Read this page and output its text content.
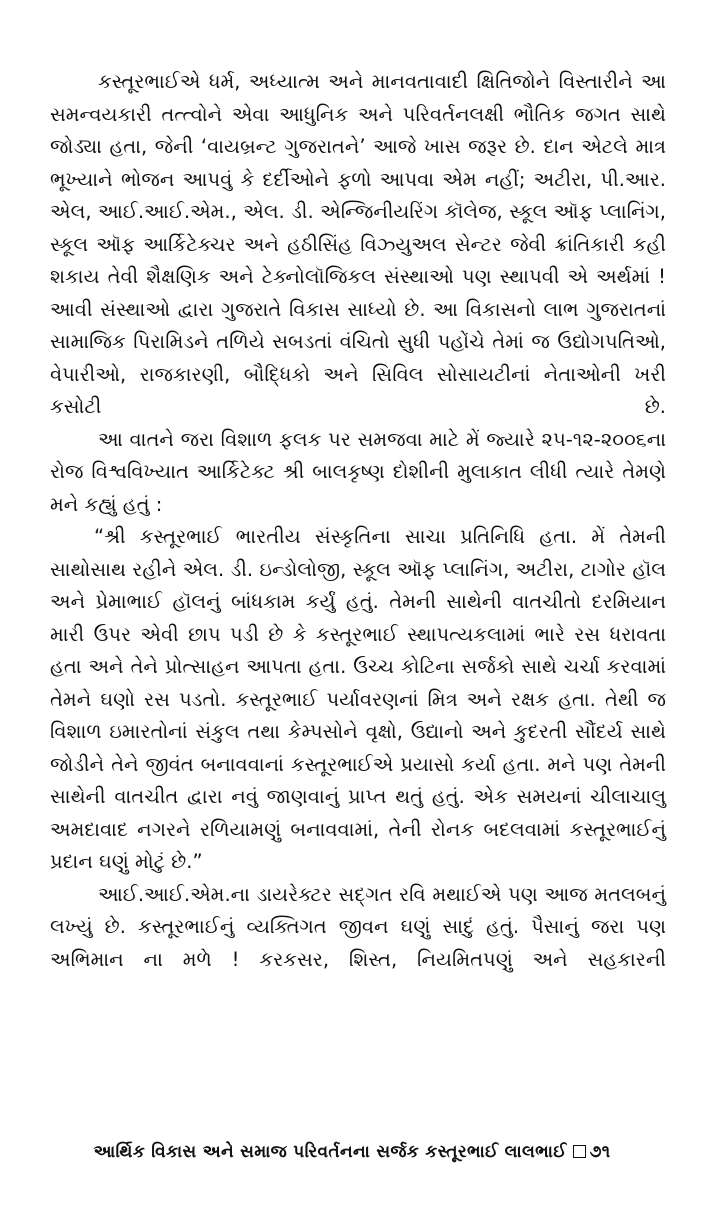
કસ્તૂરભાઈએ ધર્મ, અધ્યાત્મ અને માનવતાવાદી ક્ષિતિજોને વિસ્તારીને આ સમન્વયકારી તત્ત્વોને એવા આધુનિક અને પરિવર્તનલક્ષી ભૌતિક જગત સાથે જોડ્યા હતા, જેની ‘વાયબ્રન્ટ ગુજરાતને’ આજે ખાસ જરૂર છે. દાન એટલે માત્ર ભૂખ્યાને ભોજન આપવું કે દર્દીઓને ફળો આપવા એમ નહીં; અટીરા, પી.આર. એલ, આઈ.આઈ.એમ., એલ. ડી. એન્જિનીયરિંગ કૉલેજ, સ્કૂલ ઑફ પ્લાનિંગ, સ્કૂલ ઑફ આર્કિટેક્ચર અને હઠીસિંહ વિઝ્યુઅલ સેન્ટર જેવી ક્રાંતિકારી કહી શકાય તેવી શૈક્ષણિક અને ટેક્નોલૉજિકલ સંસ્થાઓ પણ સ્થાપવી એ અર્થમાં ! આવી સંસ્થાઓ દ્વારા ગુજરાતે વિકાસ સાધ્યો છે. આ વિકાસનો લાભ ગુજરાતનાં સામાજિક પિરામિડને તળિયે સબડતાં વંચિતો સુધી પહોંચે તેમાં જ ઉદ્યોગપતિઓ, વેપારીઓ, રાજકારણી, બૌદ્ધિકો અને સિવિલ સોસાયટીનાં નેતાઓની ખરી કસોટી છે.

આ વાતને જરા વિશાળ ફલક પર સમજવા માટે મેં જ્યારે ૨૫-૧૨-૨૦૦૬ના રોજ વિશ્વવિખ્યાત આર્કિટેક્ટ શ્રી બાલકૃષ્ણ દોશીની મુલાકાત લીધી ત્યારે તેમણે મને કહ્યું હતું :

“શ્રી કસ્તૂરભાઈ ભારતીય સંસ્કૃતિના સાચા પ્રતિનિધિ હતા. મેં તેમની સાથોસાથ રહીને એલ. ડી. ઇન્ડોલોજી, સ્કૂલ ઑફ પ્લાનિંગ, અટીરા, ટાગોર હૉલ અને પ્રેમાભાઈ હૉલનું બાંધકામ કર્યું હતું. તેમની સાથેની વાતચીતો દરમિયાન મારી ઉપર એવી છાપ પડી છે કે કસ્તૂરભાઈ સ્થાપત્યકલામાં ભારે રસ ધરાવતા હતા અને તેને પ્રોત્સાહન આપતા હતા. ઉચ્ચ કોટિના સર્જકો સાથે ચર્ચા કરવામાં તેમને ઘણો રસ પડતો. કસ્તૂરભાઈ પર્યાવરણનાં મિત્ર અને રક્ષક હતા. તેથી જ વિશાળ ઇમારતોનાં સંકુલ તથા કેમ્પસોને વૃક્ષો, ઉદ્યાનો અને કુદરતી સૌંદર્ય સાથે જોડીને તેને જીવંત બનાવવાનાં કસ્તૂરભાઈએ પ્રયાસો કર્યા હતા. મને પણ તેમની સાથેની વાતચીત દ્વારા નવું જાણવાનું પ્રાપ્ત થતું હતું. એક સમયનાં ચીલાચાલુ અમદાવાદ નગરને રળિયામણું બનાવવામાં, તેની રોનક બદલવામાં કસ્તૂરભાઈનું પ્રદાન ઘણું મોટું છે.”

આઈ.આઈ.એમ.ના ડાયરેક્ટર સદ્ગત રવિ મથાઈએ પણ આજ મતલબનું લખ્યું છે. કસ્તૂરભાઈનું વ્યક્તિગત જીવન ઘણું સાદું હતું. પૈસાનું જરા પણ અભિમાન ના મળે ! કરકસર, શિસ્ત, નિયમિતપણું અને સહકારની

આર્થિક વિકાસ અને સમાજ પરિવર્તનના સર્જક કસ્તૂરભાઈ લાલભાઈ ૭૧
